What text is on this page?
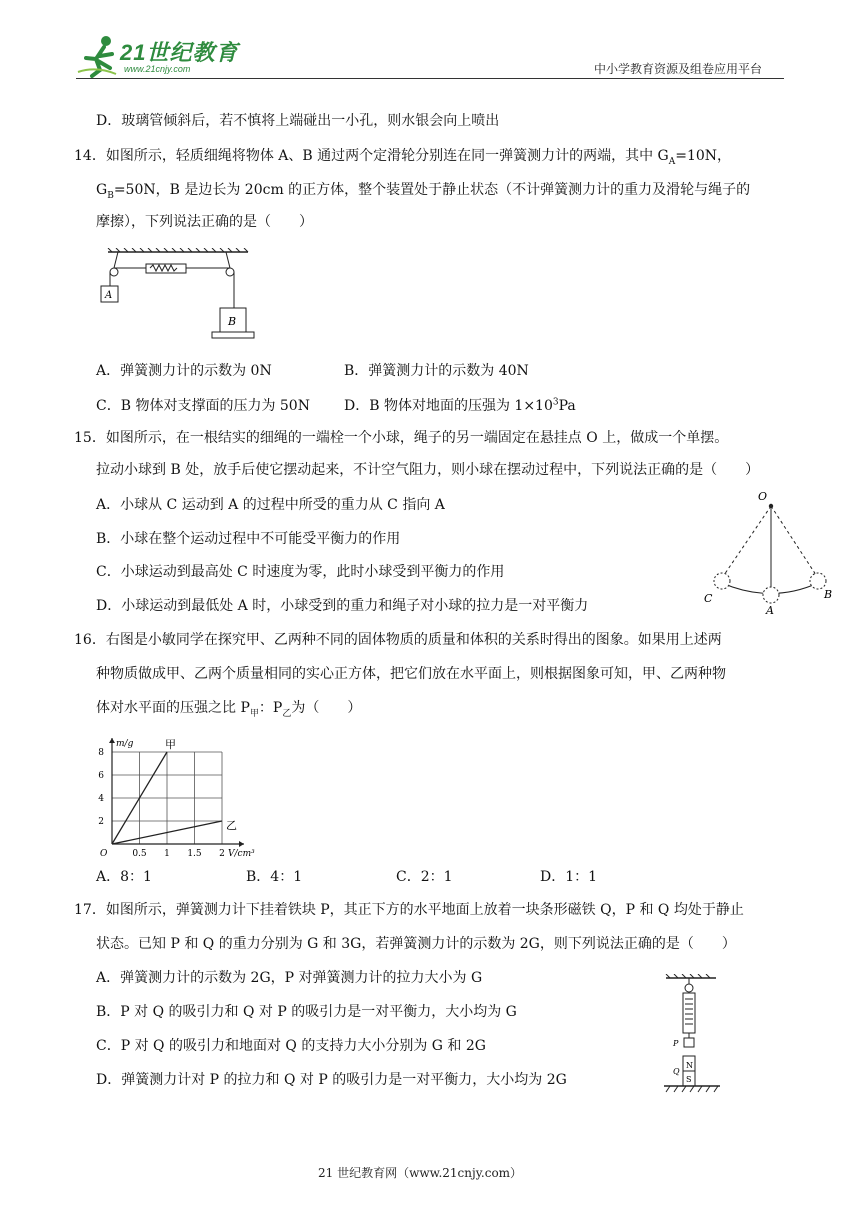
21世纪教育
www.21cnjy.com	中小学教育资源及组卷应用平台
D．玻璃管倾斜后，若不慎将上端碰出一小孔，则水银会向上喷出
14．如图所示，轻质细绳将物体 A、B 通过两个定滑轮分别连在同一弹簧测力计的两端，其中 $G_A=10N$，
$G_B=50N$，B 是边长为 20cm 的正方体，整个装置处于静止状态（不计弹簧测力计的重力及滑轮与绳子的
摩擦），下列说法正确的是（　　）
A
B
A．弹簧测力计的示数为 0N	B．弹簧测力计的示数为 40N
C．B 物体对支撑面的压力为 50N D．B 物体对地面的压强为 $1\times 10^3Pa$
15．如图所示，在一根结实的细绳的一端栓一个小球，绳子的另一端固定在悬挂点 O 上，做成一个单摆。
拉动小球到 B 处，放手后使它摆动起来，不计空气阻力，则小球在摆动过程中，下列说法正确的是（　　）
A．小球从 C 运动到 A 的过程中所受的重力从 C 指向 A
B．小球在整个运动过程中不可能受平衡力的作用
C．小球运动到最高处 C 时速度为零，此时小球受到平衡力的作用
D．小球运动到最低处 A 时，小球受到的重力和绳子对小球的拉力是一对平衡力
O
C
A
B
16．右图是小敏同学在探究甲、乙两种不同的固体物质的质量和体积的关系时得出的图象。如果用上述两
种物质做成甲、乙两个质量相同的实心正方体，把它们放在水平面上，则根据图象可知，甲、乙两种物
体对水平面的压强之比 $P_甲$：$P_乙$为（　　）
0.5 1 1.5 2
2
4
6
8
O
m/g
V/cm³
甲
乙
A．8：1	B．4：1	C．2：1	D．1：1
17．如图所示，弹簧测力计下挂着铁块 P，其正下方的水平地面上放着一块条形磁铁 Q，P 和 Q 均处于静止
状态。已知 P 和 Q 的重力分别为 G 和 3G，若弹簧测力计的示数为 2G，则下列说法正确的是（　　）
A．弹簧测力计的示数为 2G，P 对弹簧测力计的拉力大小为 G
B．P 对 Q 的吸引力和 Q 对 P 的吸引力是一对平衡力，大小均为 G
C．P 对 Q 的吸引力和地面对 Q 的支持力大小分别为 G 和 2G
D．弹簧测力计对 P 的拉力和 Q 对 P 的吸引力是一对平衡力，大小均为 2G
P
N
S
Q
21 世纪教育网（www.21cnjy.com）
